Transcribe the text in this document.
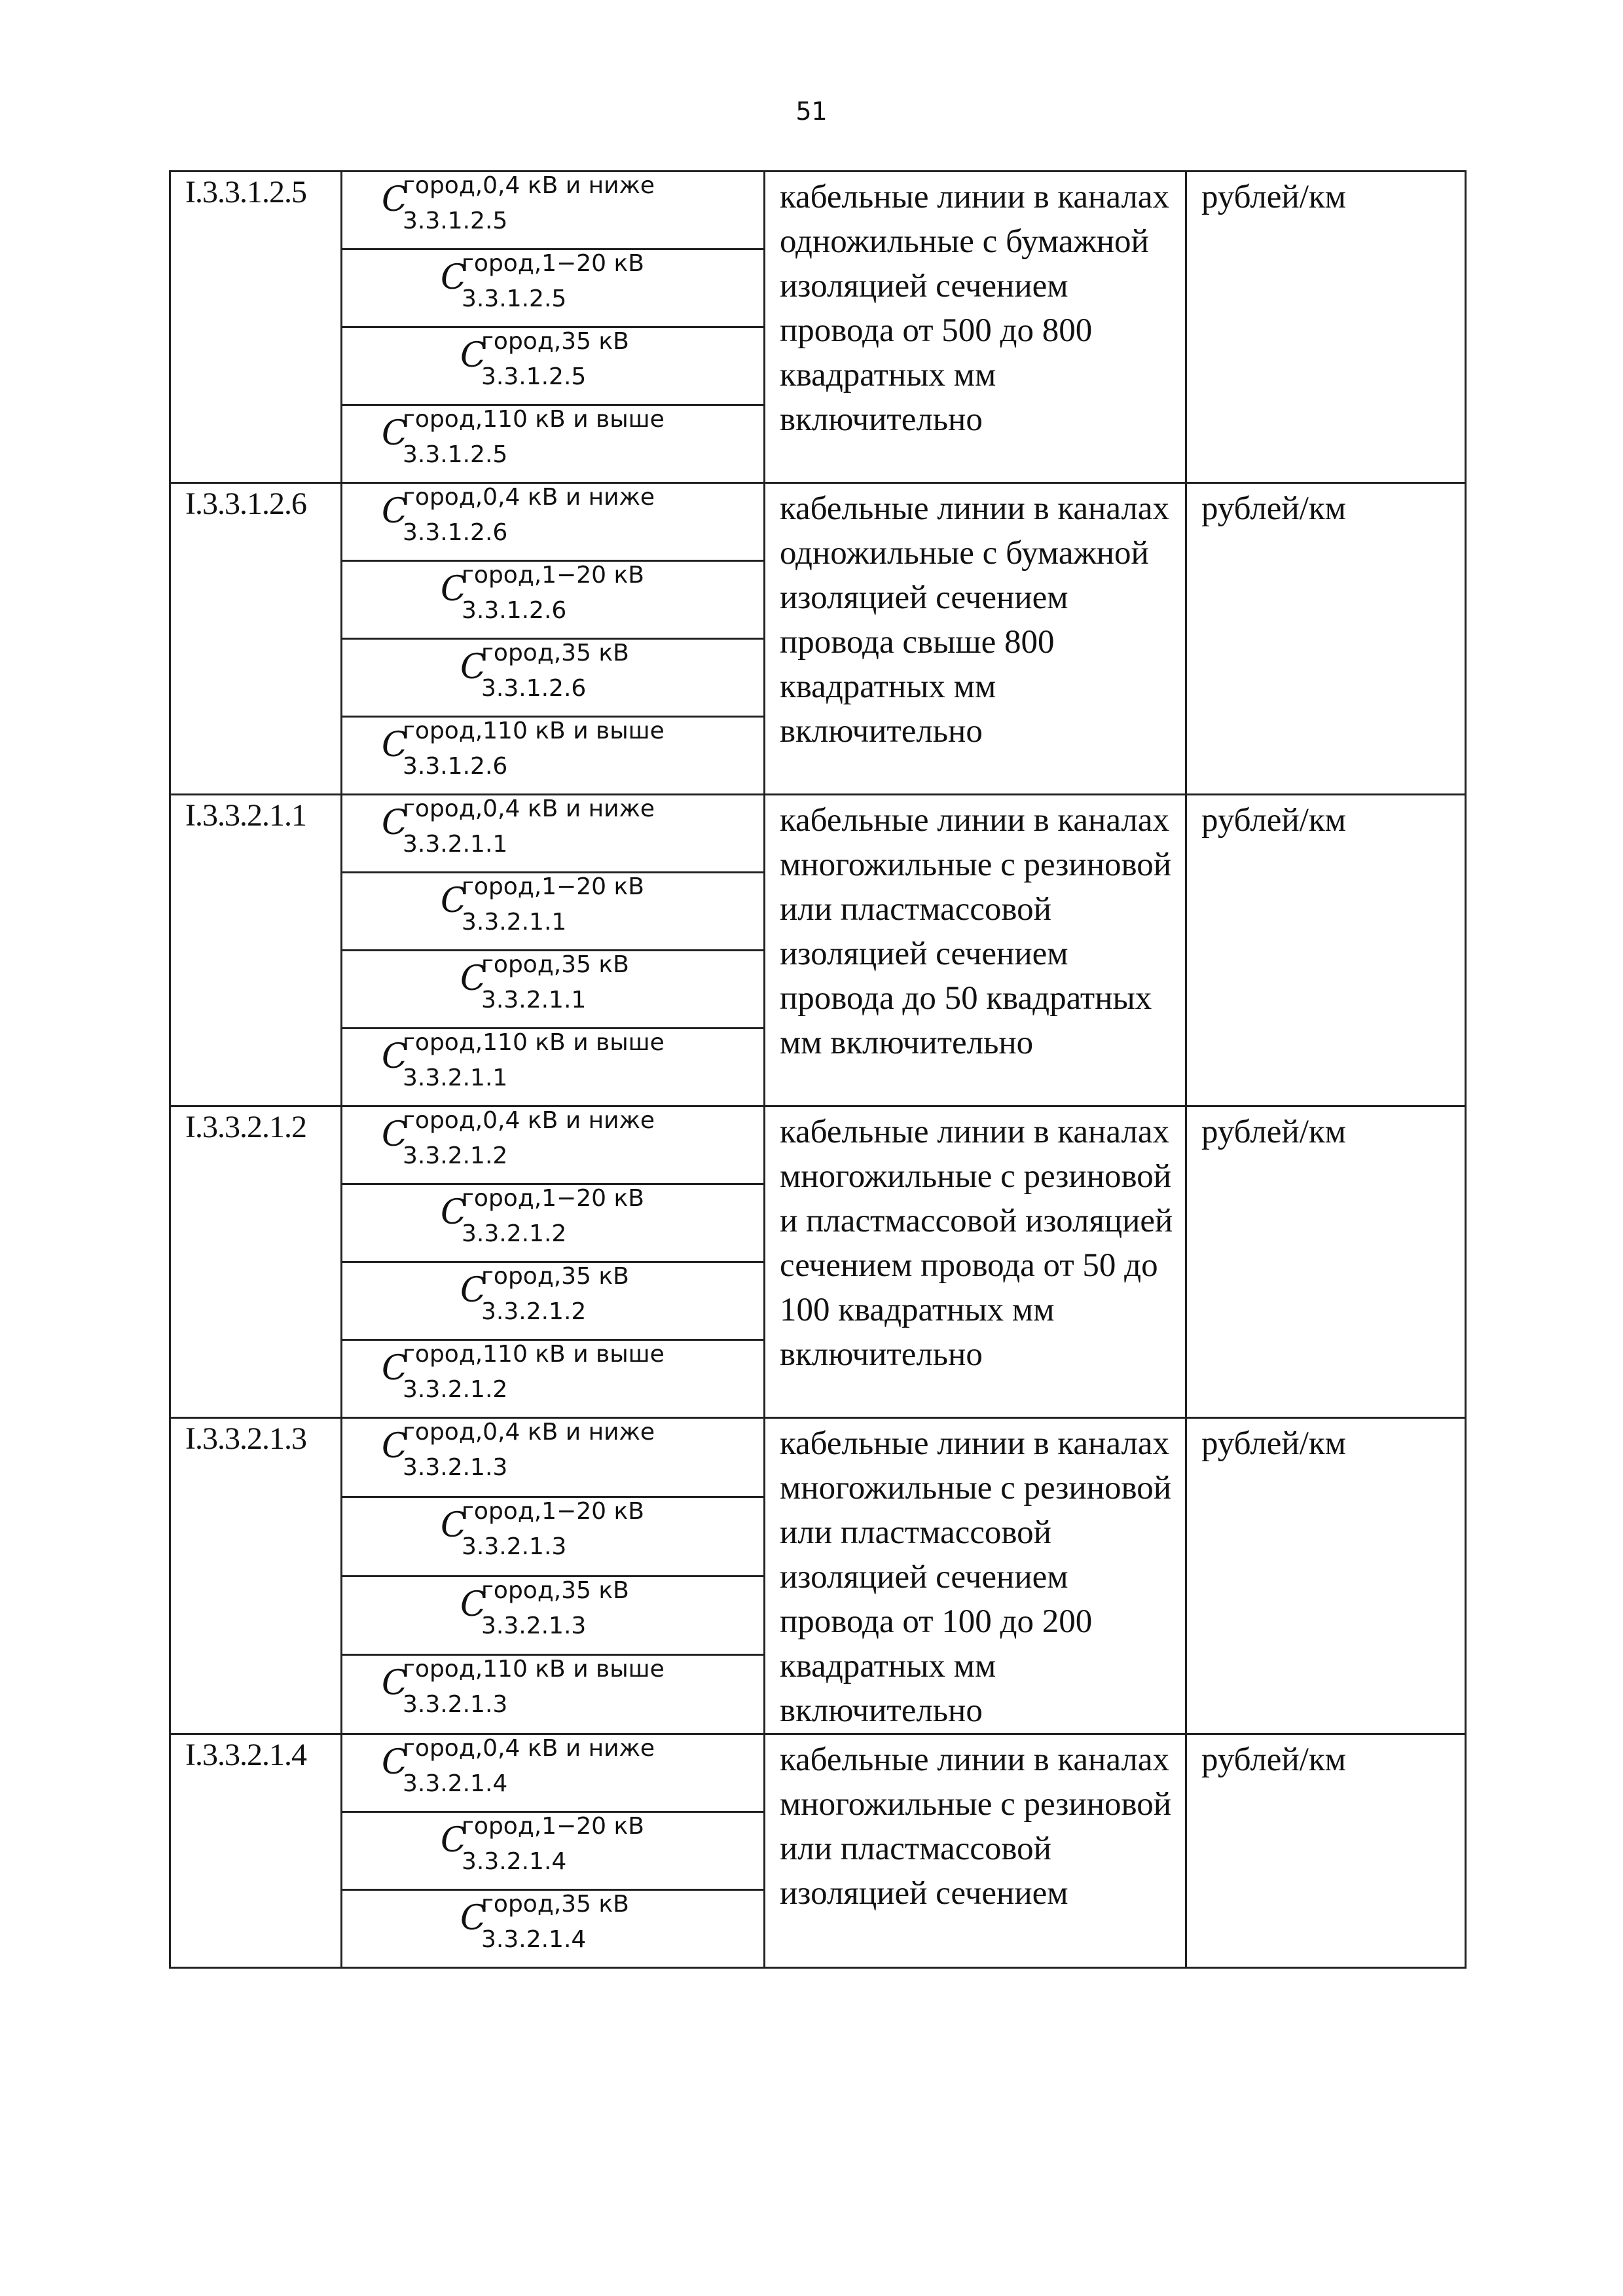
51
I.3.3.1.2.5	C
город,0,4 кВ и ниже
3.3.1.2.5	кабельные линии в каналах одножильные с бумажной изоляцией сечением провода от 500 до 800 квадратных мм включительно	рублей/км

	C
город,1−20 кВ
3.3.1.2.5		

	C
город,35 кВ
3.3.1.2.5		

	C
город,110 кВ и выше
3.3.1.2.5		

I.3.3.1.2.6	C
город,0,4 кВ и ниже
3.3.1.2.6	кабельные линии в каналах одножильные с бумажной изоляцией сечением провода свыше 800 квадратных мм включительно	рублей/км

	C
город,1−20 кВ
3.3.1.2.6		

	C
город,35 кВ
3.3.1.2.6		

	C
город,110 кВ и выше
3.3.1.2.6		

I.3.3.2.1.1	C
город,0,4 кВ и ниже
3.3.2.1.1	кабельные линии в каналах многожильные с резиновой или пластмассовой изоляцией сечением провода до 50 квадратных мм включительно	рублей/км

	C
город,1−20 кВ
3.3.2.1.1		

	C
город,35 кВ
3.3.2.1.1		

	C
город,110 кВ и выше
3.3.2.1.1		

I.3.3.2.1.2	C
город,0,4 кВ и ниже
3.3.2.1.2	кабельные линии в каналах многожильные с резиновой и пластмассовой изоляцией сечением провода от 50 до 100 квадратных мм включительно	рублей/км

	C
город,1−20 кВ
3.3.2.1.2		

	C
город,35 кВ
3.3.2.1.2		

	C
город,110 кВ и выше
3.3.2.1.2		

I.3.3.2.1.3	C
город,0,4 кВ и ниже
3.3.2.1.3	кабельные линии в каналах многожильные с резиновой или пластмассовой изоляцией сечением провода от 100 до 200 квадратных мм включительно	рублей/км

	C
город,1−20 кВ
3.3.2.1.3		

	C
город,35 кВ
3.3.2.1.3		

	C
город,110 кВ и выше
3.3.2.1.3		

I.3.3.2.1.4	C
город,0,4 кВ и ниже
3.3.2.1.4	кабельные линии в каналах многожильные с резиновой или пластмассовой изоляцией сечением	рублей/км

	C
город,1−20 кВ
3.3.2.1.4		

	C
город,35 кВ
3.3.2.1.4		
